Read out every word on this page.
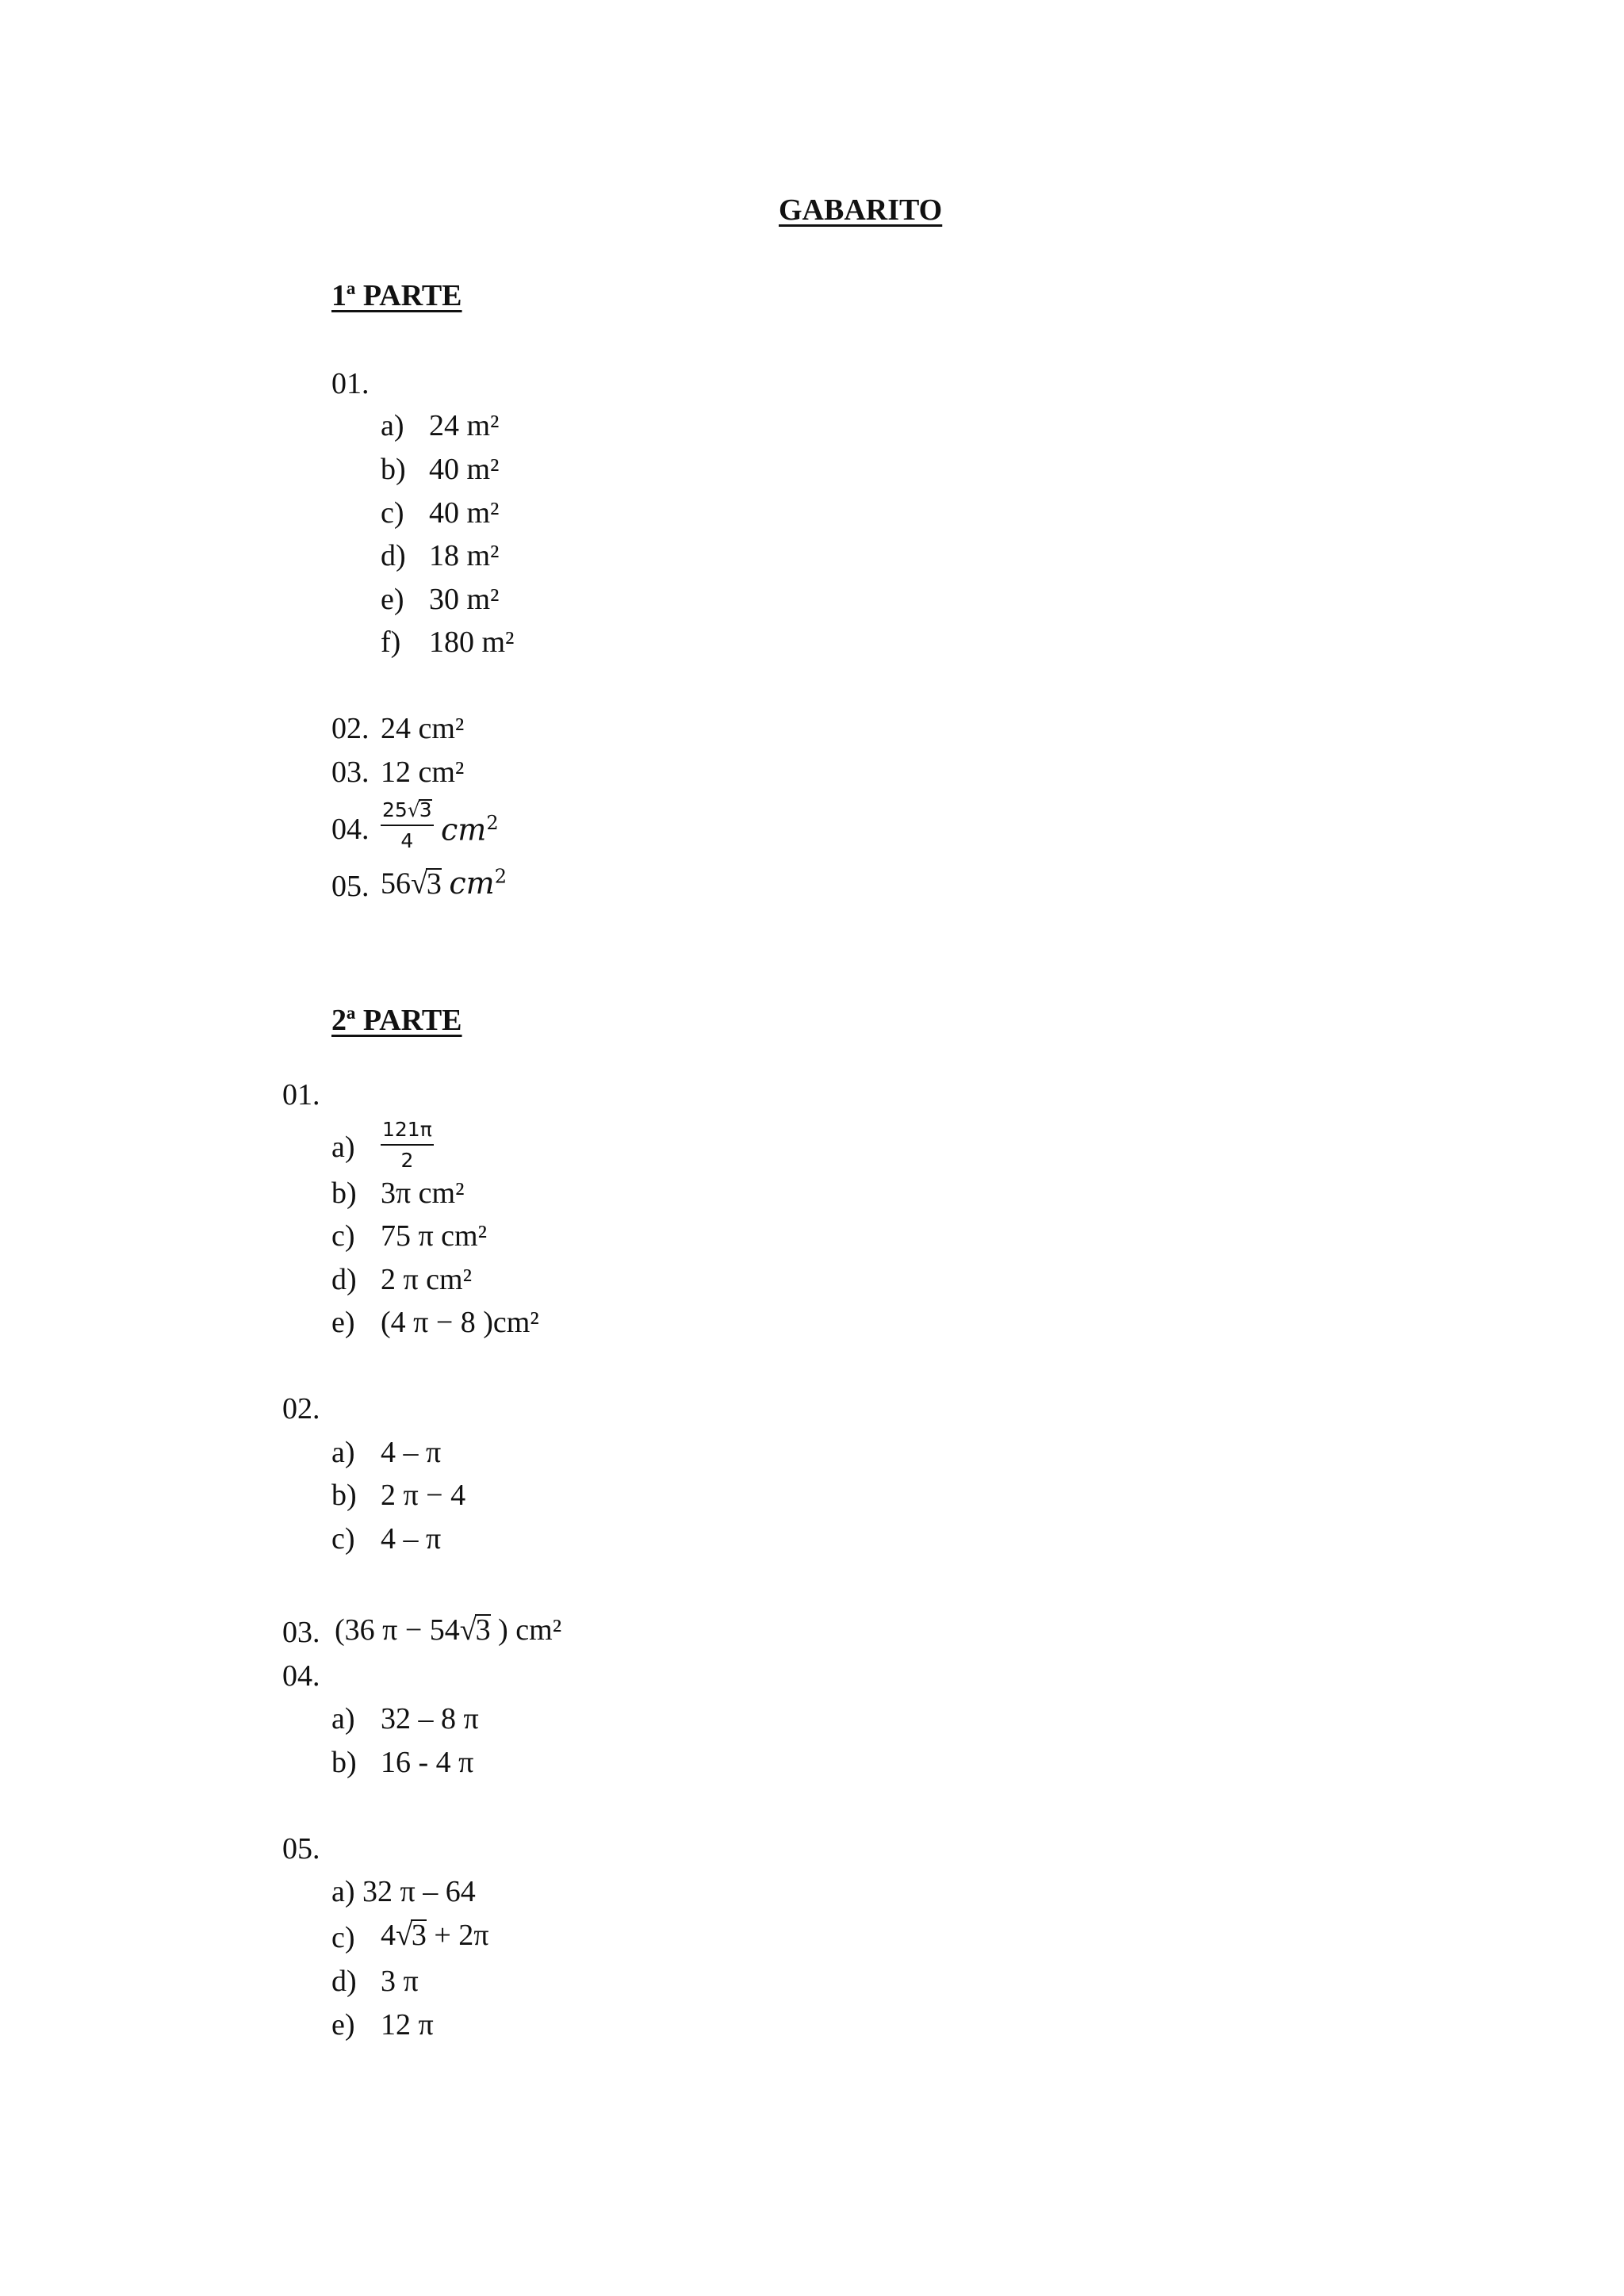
GABARITO
1ª PARTE
01.
a) 24 m²
b) 40 m²
c) 40 m²
d) 18 m²
e) 30 m²
f) 180 m²
02. 24 cm²
03. 12 cm²
04. $\frac{25√3}{4} cm^2$
05. 56√3 $cm^2$
2ª PARTE
01.
$a) \frac{121\pi}{2}$
b) 3π cm²
c) 75 π cm²
d) 2 π cm²
e) (4 π − 8 )cm²
02.
a) 4 – π
b) 2 π − 4
c) 4 – π
03. (36 π − 54√3 ) cm²
04.
a) 32 – 8 π
b) 16 - 4 π
05.
a) 32 π – 64
c) 4√3 + 2π
d) 3 π
e) 12 π
